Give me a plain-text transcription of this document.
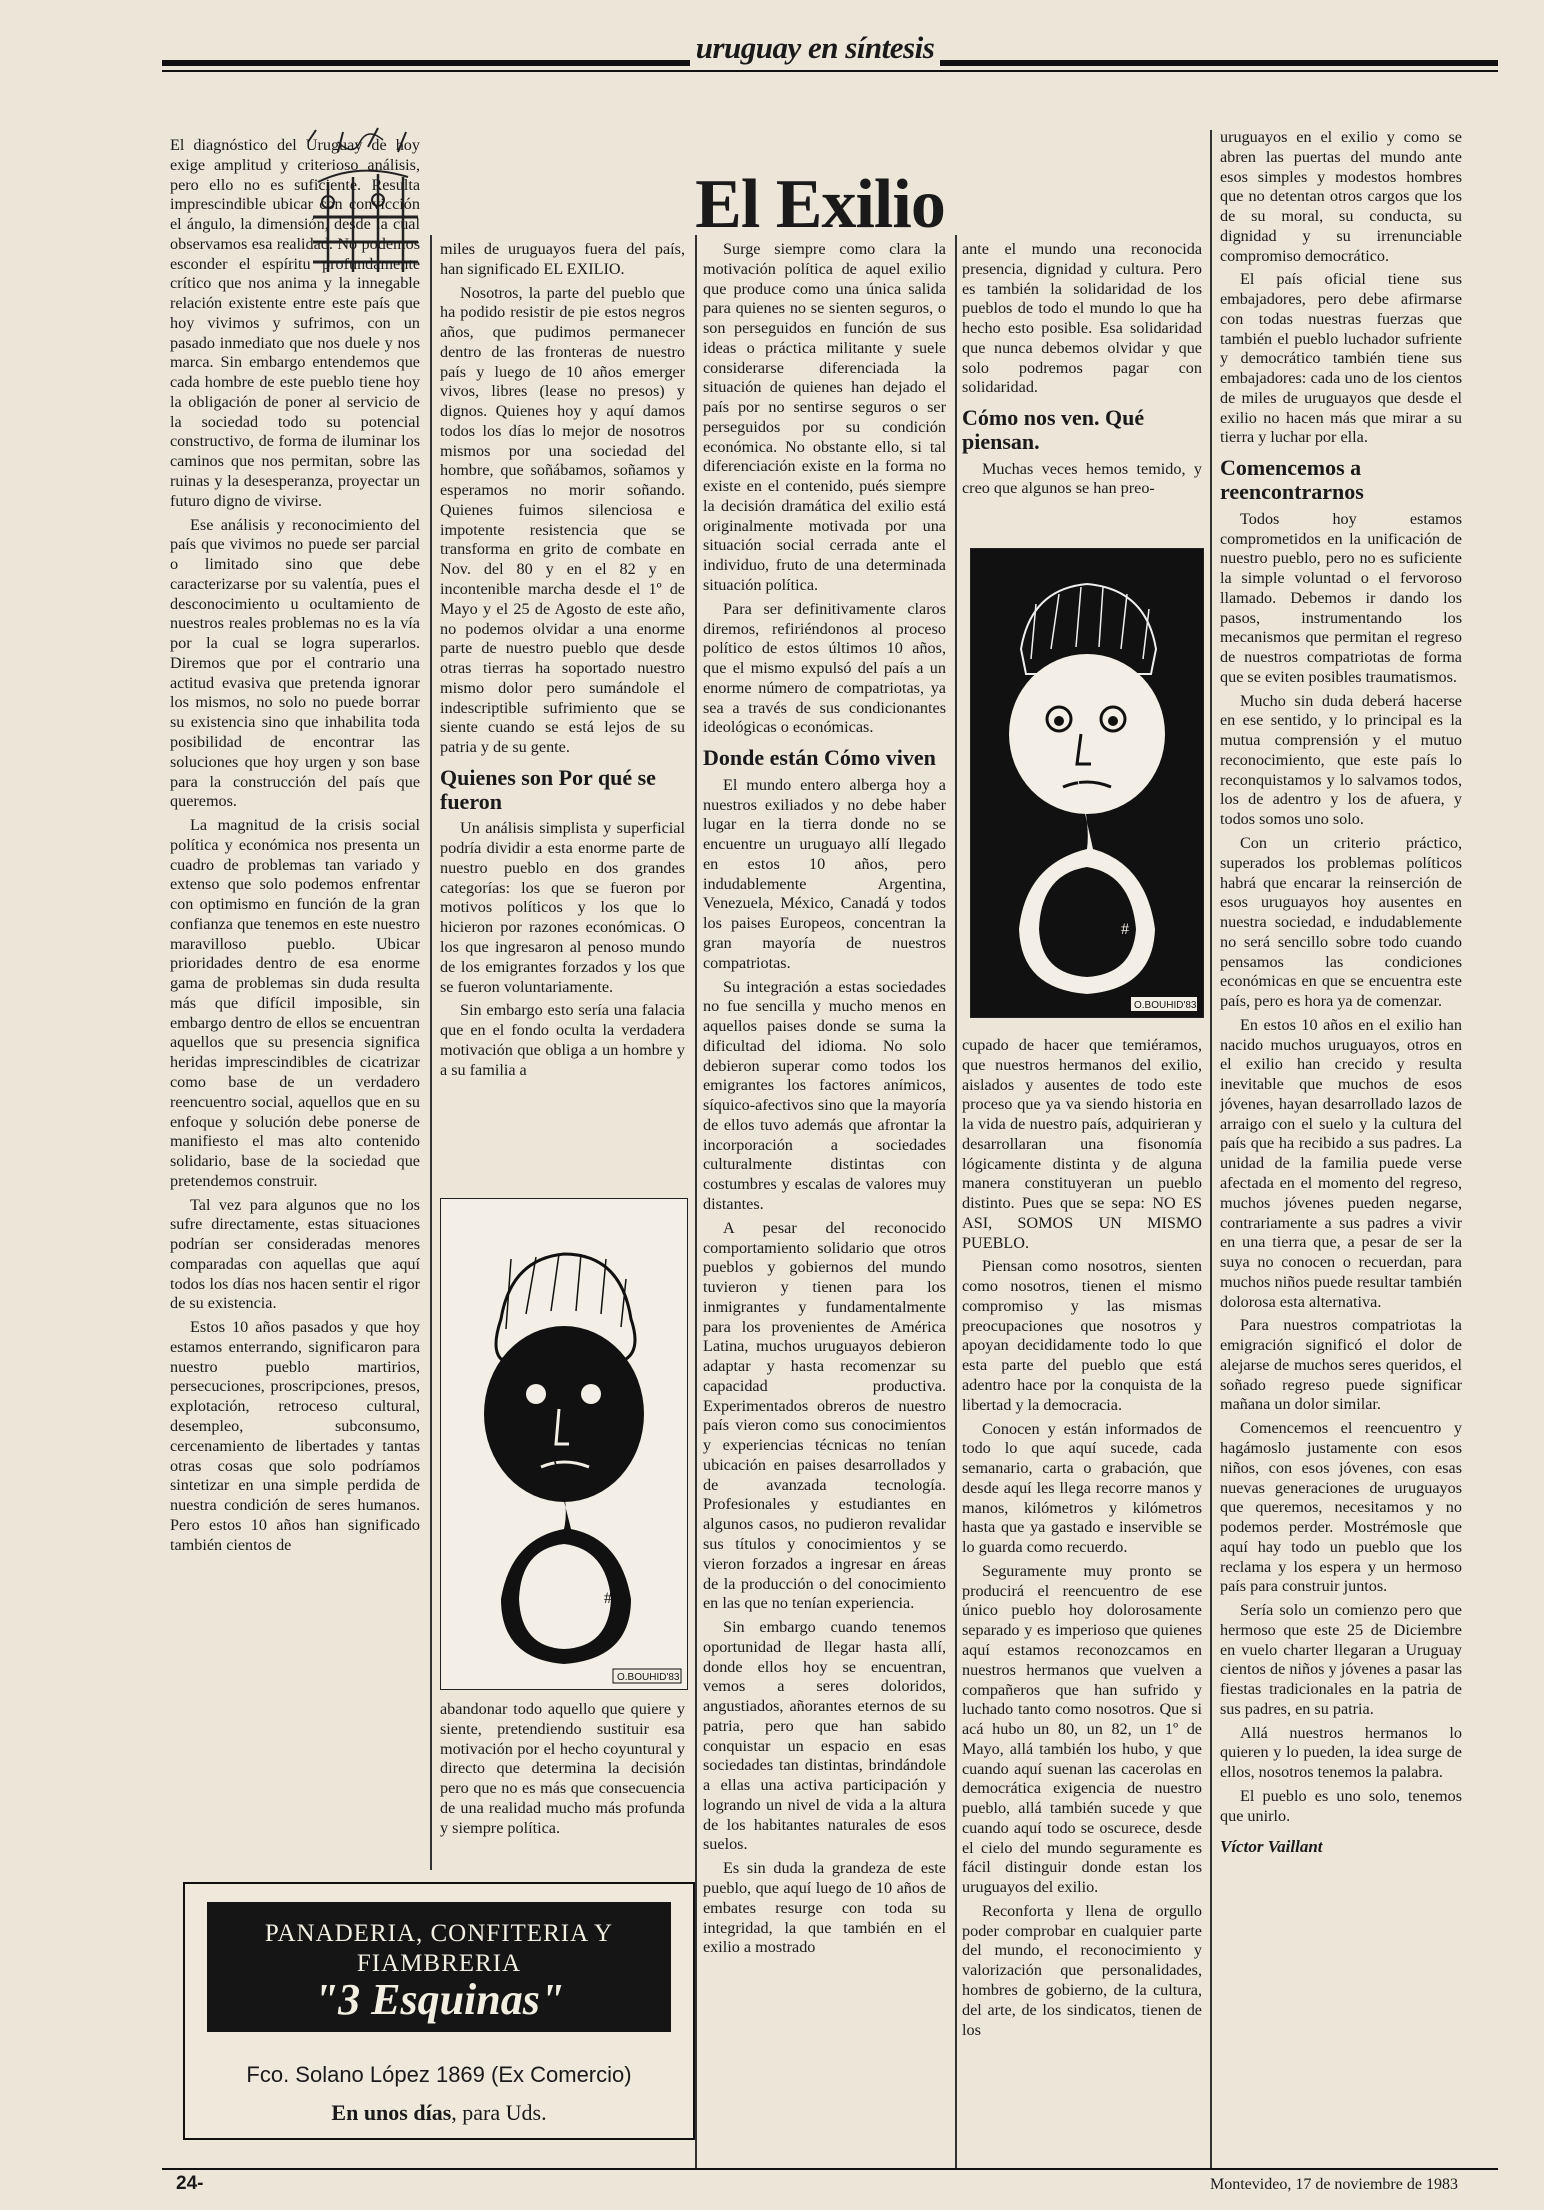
uruguay en síntesis
El Exilio

El diagnóstico del Uruguay de hoy exige amplitud y criterioso análisis, pero ello no es suficiente. Resulta imprescindible ubicar con convicción el ángulo, la dimensión, desde la cual observamos esa realidad. No podemos esconder el espíritu profundamente crítico que nos anima y la innegable relación existente entre este país que hoy vivimos y sufrimos, con un pasado inmediato que nos duele y nos marca. Sin embargo entendemos que cada hombre de este pueblo tiene hoy la obligación de poner al servicio de la sociedad todo su potencial constructivo, de forma de iluminar los caminos que nos permitan, sobre las ruinas y la desesperanza, proyectar un futuro digno de vivirse.

Ese análisis y reconocimiento del país que vivimos no puede ser parcial o limitado sino que debe caracterizarse por su valentía, pues el desconocimiento u ocultamiento de nuestros reales problemas no es la vía por la cual se logra superarlos. Diremos que por el contrario una actitud evasiva que pretenda ignorar los mismos, no solo no puede borrar su existencia sino que inhabilita toda posibilidad de encontrar las soluciones que hoy urgen y son base para la construcción del país que queremos.

La magnitud de la crisis social política y económica nos presenta un cuadro de problemas tan variado y extenso que solo podemos enfrentar con optimismo en función de la gran confianza que tenemos en este nuestro maravilloso pueblo. Ubicar prioridades dentro de esa enorme gama de problemas sin duda resulta más que difícil imposible, sin embargo dentro de ellos se encuentran aquellos que su presencia significa heridas imprescindibles de cicatrizar como base de un verdadero reencuentro social, aquellos que en su enfoque y solución debe ponerse de manifiesto el mas alto contenido solidario, base de la sociedad que pretendemos construir.

Tal vez para algunos que no los sufre directamente, estas situaciones podrían ser consideradas menores comparadas con aquellas que aquí todos los días nos hacen sentir el rigor de su existencia.

Estos 10 años pasados y que hoy estamos enterrando, significaron para nuestro pueblo martirios, persecuciones, proscripciones, presos, explotación, retroceso cultural, desempleo, subconsumo, cercenamiento de libertades y tantas otras cosas que solo podríamos sintetizar en una simple perdida de nuestra condición de seres humanos. Pero estos 10 años han significado también cientos de

miles de uruguayos fuera del país, han significado EL EXILIO.

Nosotros, la parte del pueblo que ha podido resistir de pie estos negros años, que pudimos permanecer dentro de las fronteras de nuestro país y luego de 10 años emerger vivos, libres (lease no presos) y dignos. Quienes hoy y aquí damos todos los días lo mejor de nosotros mismos por una sociedad del hombre, que soñábamos, soñamos y esperamos no morir soñando. Quienes fuimos silenciosa e impotente resistencia que se transforma en grito de combate en Nov. del 80 y en el 82 y en incontenible marcha desde el 1º de Mayo y el 25 de Agosto de este año, no podemos olvidar a una enorme parte de nuestro pueblo que desde otras tierras ha soportado nuestro mismo dolor pero sumándole el indescriptible sufrimiento que se siente cuando se está lejos de su patria y de su gente.

Quienes son Por qué se fueron

Un análisis simplista y superficial podría dividir a esta enorme parte de nuestro pueblo en dos grandes categorías: los que se fueron por motivos políticos y los que lo hicieron por razones económicas. O los que ingresaron al penoso mundo de los emigrantes forzados y los que se fueron voluntariamente.

Sin embargo esto sería una falacia que en el fondo oculta la verdadera motivación que obliga a un hombre y a su familia a

#
O.BOUHID'83

abandonar todo aquello que quiere y siente, pretendiendo sustituir esa motivación por el hecho coyuntural y directo que determina la decisión pero que no es más que consecuencia de una realidad mucho más profunda y siempre política.

Surge siempre como clara la motivación política de aquel exilio que produce como una única salida para quienes no se sienten seguros, o son perseguidos en función de sus ideas o práctica militante y suele considerarse diferenciada la situación de quienes han dejado el país por no sentirse seguros o ser perseguidos por su condición económica. No obstante ello, si tal diferenciación existe en la forma no existe en el contenido, pués siempre la decisión dramática del exilio está originalmente motivada por una situación social cerrada ante el individuo, fruto de una determinada situación política.

Para ser definitivamente claros diremos, refiriéndonos al proceso político de estos últimos 10 años, que el mismo expulsó del país a un enorme número de compatriotas, ya sea a través de sus condicionantes ideológicas o económicas.

Donde están Cómo viven

El mundo entero alberga hoy a nuestros exiliados y no debe haber lugar en la tierra donde no se encuentre un uruguayo allí llegado en estos 10 años, pero indudablemente Argentina, Venezuela, México, Canadá y todos los paises Europeos, concentran la gran mayoría de nuestros compatriotas.

Su integración a estas sociedades no fue sencilla y mucho menos en aquellos paises donde se suma la dificultad del idioma. No solo debieron superar como todos los emigrantes los factores anímicos, síquico-afectivos sino que la mayoría de ellos tuvo además que afrontar la incorporación a sociedades culturalmente distintas con costumbres y escalas de valores muy distantes.

A pesar del reconocido comportamiento solidario que otros pueblos y gobiernos del mundo tuvieron y tienen para los inmigrantes y fundamentalmente para los provenientes de América Latina, muchos uruguayos debieron adaptar y hasta recomenzar su capacidad productiva. Experimentados obreros de nuestro país vieron como sus conocimientos y experiencias técnicas no tenían ubicación en paises desarrollados y de avanzada tecnología. Profesionales y estudiantes en algunos casos, no pudieron revalidar sus títulos y conocimientos y se vieron forzados a ingresar en áreas de la producción o del conocimiento en las que no tenían experiencia.

Sin embargo cuando tenemos oportunidad de llegar hasta allí, donde ellos hoy se encuentran, vemos a seres doloridos, angustiados, añorantes eternos de su patria, pero que han sabido conquistar un espacio en esas sociedades tan distintas, brindándole a ellas una activa participación y logrando un nivel de vida a la altura de los habitantes naturales de esos suelos.

Es sin duda la grandeza de este pueblo, que aquí luego de 10 años de embates resurge con toda su integridad, la que también en el exilio a mostrado

ante el mundo una reconocida presencia, dignidad y cultura. Pero es también la solidaridad de los pueblos de todo el mundo lo que ha hecho esto posible. Esa solidaridad que nunca debemos olvidar y que solo podremos pagar con solidaridad.

Cómo nos ven. Qué piensan.

Muchas veces hemos temido, y creo que algunos se han preo-

#
O.BOUHID'83

cupado de hacer que temiéramos, que nuestros hermanos del exilio, aislados y ausentes de todo este proceso que ya va siendo historia en la vida de nuestro país, adquirieran y desarrollaran una fisonomía lógicamente distinta y de alguna manera constituyeran un pueblo distinto. Pues que se sepa: NO ES ASI, SOMOS UN MISMO PUEBLO.

Piensan como nosotros, sienten como nosotros, tienen el mismo compromiso y las mismas preocupaciones que nosotros y apoyan decididamente todo lo que esta parte del pueblo que está adentro hace por la conquista de la libertad y la democracia.

Conocen y están informados de todo lo que aquí sucede, cada semanario, carta o grabación, que desde aquí les llega recorre manos y manos, kilómetros y kilómetros hasta que ya gastado e inservible se lo guarda como recuerdo.

Seguramente muy pronto se producirá el reencuentro de ese único pueblo hoy dolorosamente separado y es imperioso que quienes aquí estamos reconozcamos en nuestros hermanos que vuelven a compañeros que han sufrido y luchado tanto como nosotros. Que si acá hubo un 80, un 82, un 1º de Mayo, allá también los hubo, y que cuando aquí suenan las cacerolas en democrática exigencia de nuestro pueblo, allá también sucede y que cuando aquí todo se oscurece, desde el cielo del mundo seguramente es fácil distinguir donde estan los uruguayos del exilio.

Reconforta y llena de orgullo poder comprobar en cualquier parte del mundo, el reconocimiento y valorización que personalidades, hombres de gobierno, de la cultura, del arte, de los sindicatos, tienen de los

uruguayos en el exilio y como se abren las puertas del mundo ante esos simples y modestos hombres que no detentan otros cargos que los de su moral, su conducta, su dignidad y su irrenunciable compromiso democrático.

El país oficial tiene sus embajadores, pero debe afirmarse con todas nuestras fuerzas que también el pueblo luchador sufriente y democrático también tiene sus embajadores: cada uno de los cientos de miles de uruguayos que desde el exilio no hacen más que mirar a su tierra y luchar por ella.

Comencemos a reencontrarnos

Todos hoy estamos comprometidos en la unificación de nuestro pueblo, pero no es suficiente la simple voluntad o el fervoroso llamado. Debemos ir dando los pasos, instrumentando los mecanismos que permitan el regreso de nuestros compatriotas de forma que se eviten posibles traumatismos.

Mucho sin duda deberá hacerse en ese sentido, y lo principal es la mutua comprensión y el mutuo reconocimiento, que este país lo reconquistamos y lo salvamos todos, los de adentro y los de afuera, y todos somos uno solo.

Con un criterio práctico, superados los problemas políticos habrá que encarar la reinserción de esos uruguayos hoy ausentes en nuestra sociedad, e indudablemente no será sencillo sobre todo cuando pensamos las condiciones económicas en que se encuentra este país, pero es hora ya de comenzar.

En estos 10 años en el exilio han nacido muchos uruguayos, otros en el exilio han crecido y resulta inevitable que muchos de esos jóvenes, hayan desarrollado lazos de arraigo con el suelo y la cultura del país que ha recibido a sus padres. La unidad de la familia puede verse afectada en el momento del regreso, muchos jóvenes pueden negarse, contrariamente a sus padres a vivir en una tierra que, a pesar de ser la suya no conocen o recuerdan, para muchos niños puede resultar también dolorosa esta alternativa.

Para nuestros compatriotas la emigración significó el dolor de alejarse de muchos seres queridos, el soñado regreso puede significar mañana un dolor similar.

Comencemos el reencuentro y hagámoslo justamente con esos niños, con esos jóvenes, con esas nuevas generaciones de uruguayos que queremos, necesitamos y no podemos perder. Mostrémosle que aquí hay todo un pueblo que los reclama y los espera y un hermoso país para construir juntos.

Sería solo un comienzo pero que hermoso que este 25 de Diciembre en vuelo charter llegaran a Uruguay cientos de niños y jóvenes a pasar las fiestas tradicionales en la patria de sus padres, en su patria.

Allá nuestros hermanos lo quieren y lo pueden, la idea surge de ellos, nosotros tenemos la palabra.

El pueblo es uno solo, tenemos que unirlo.

Víctor Vaillant
PANADERIA, CONFITERIA Y
FIAMBRERIA
"3 Esquinas"
Fco. Solano López 1869 (Ex Comercio)
En unos días, para Uds.
24-	Montevideo, 17 de noviembre de 1983
